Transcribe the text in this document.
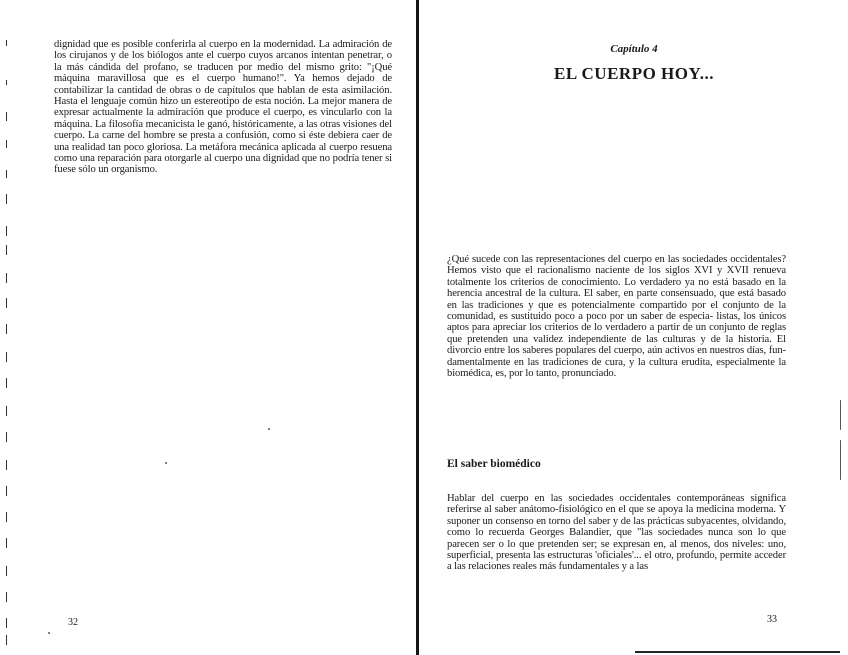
dignidad que es posible conferirla al cuerpo en la modernidad. La admiración de los cirujanos y de los biólogos ante el cuerpo cuyos arcanos intentan penetrar, o la más cándida del profano, se traducen por medio del mismo grito: "¡Qué máquina maravillosa que es el cuerpo humano!". Ya hemos dejado de contabilizar la cantidad de obras o de capítulos que hablan de esta asimilación. Hasta el lenguaje común hizo un estereotipo de esta noción. La mejor manera de expresar actualmente la admiración que produce el cuerpo, es vincularlo con la máquina. La filosofía mecanicista le ganó, históricamente, a las otras visiones del cuerpo. La carne del hombre se presta a confusión, como si éste debiera caer de una realidad tan poco gloriosa. La metáfora mecánica aplicada al cuerpo resuena como una reparación para otorgarle al cuerpo una dignidad que no podría tener si fuese sólo un organismo.

32
Capítulo 4
EL CUERPO HOY...

¿Qué sucede con las representaciones del cuerpo en las sociedades occidentales? Hemos visto que el racionalismo naciente de los siglos XVI y XVII renueva totalmente los criterios de conocimiento. Lo verdadero ya no está basado en la herencia ancestral de la cultura. El saber, en parte consensuado, que está basado en las tradiciones y que es potencialmente compartido por el conjunto de la comunidad, es sustituido poco a poco por un saber de especia- listas, los únicos aptos para apreciar los criterios de lo verdadero a partir de un conjunto de reglas que pretenden una validez independiente de las culturas y de la historia. El divorcio entre los saberes populares del cuerpo, aún activos en nuestros días, fun- damentalmente en las tradiciones de cura, y la cultura erudita, especialmente la biomédica, es, por lo tanto, pronunciado.

El saber biomédico

Hablar del cuerpo en las sociedades occidentales contemporáneas significa referirse al saber anátomo-fisiológico en el que se apoya la medicina moderna. Y suponer un consenso en torno del saber y de las prácticas subyacentes, olvidando, como lo recuerda Georges Balandier, que "las sociedades nunca son lo que parecen ser o lo que pretenden ser; se expresan en, al menos, dos niveles: uno, superficial, presenta las estructuras 'oficiales'... el otro, profundo, permite acceder a las relaciones reales más fundamentales y a las

33
